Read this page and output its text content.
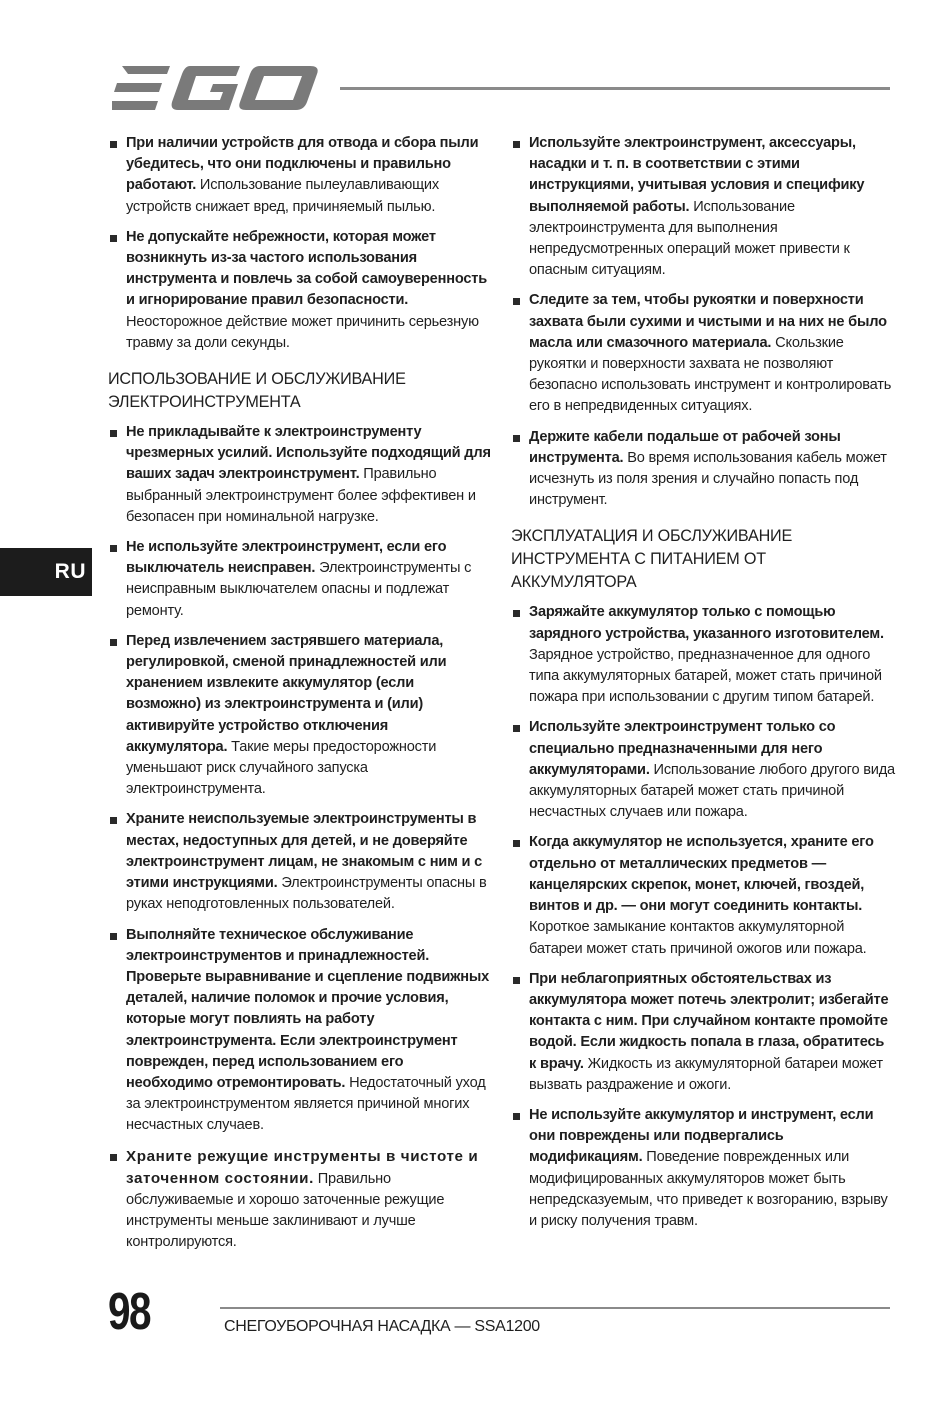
RU
При наличии устройств для отвода и сбора пыли убедитесь, что они подключены и правильно работают. Использование пылеулавливающих устройств снижает вред, причиняемый пылью.
Не допускайте небрежности, которая может возникнуть из-за частого использования инструмента и повлечь за собой самоуверенность и игнорирование правил безопасности. Неосторожное действие может причинить серьезную травму за доли секунды.
ИСПОЛЬЗОВАНИЕ И ОБСЛУЖИВАНИЕ ЭЛЕКТРОИНСТРУМЕНТА
Не прикладывайте к электроинструменту чрезмерных усилий. Используйте подходящий для ваших задач электроинструмент. Правильно выбранный электроинструмент более эффективен и безопасен при номинальной нагрузке.
Не используйте электроинструмент, если его выключатель неисправен. Электроинструменты с неисправным выключателем опасны и подлежат ремонту.
Перед извлечением застрявшего материала, регулировкой, сменой принадлежностей или хранением извлеките аккумулятор (если возможно) из электроинструмента и (или) активируйте устройство отключения аккумулятора. Такие меры предосторожности уменьшают риск случайного запуска электроинструмента.
Храните неиспользуемые электроинструменты в местах, недоступных для детей, и не доверяйте электроинструмент лицам, не знакомым с ним и с этими инструкциями. Электроинструменты опасны в руках неподготовленных пользователей.
Выполняйте техническое обслуживание электроинструментов и принадлежностей. Проверьте выравнивание и сцепление подвижных деталей, наличие поломок и прочие условия, которые могут повлиять на работу электроинструмента. Если электроинструмент поврежден, перед использованием его необходимо отремонтировать. Недостаточный уход за электроинструментом является причиной многих несчастных случаев.
Храните режущие инструменты в чистоте и заточенном состоянии. Правильно обслуживаемые и хорошо заточенные режущие инструменты меньше заклинивают и лучше контролируются.
Используйте электроинструмент, аксессуары, насадки и т. п. в соответствии с этими инструкциями, учитывая условия и специфику выполняемой работы. Использование электроинструмента для выполнения непредусмотренных операций может привести к опасным ситуациям.
Следите за тем, чтобы рукоятки и поверхности захвата были сухими и чистыми и на них не было масла или смазочного материала. Скользкие рукоятки и поверхности захвата не позволяют безопасно использовать инструмент и контролировать его в непредвиденных ситуациях.
Держите кабели подальше от рабочей зоны инструмента. Во время использования кабель может исчезнуть из поля зрения и случайно попасть под инструмент.
ЭКСПЛУАТАЦИЯ И ОБСЛУЖИВАНИЕ ИНСТРУМЕНТА С ПИТАНИЕМ ОТ АККУМУЛЯТОРА
Заряжайте аккумулятор только с помощью зарядного устройства, указанного изготовителем. Зарядное устройство, предназначенное для одного типа аккумуляторных батарей, может стать причиной пожара при использовании с другим типом батарей.
Используйте электроинструмент только со специально предназначенными для него аккумуляторами. Использование любого другого вида аккумуляторных батарей может стать причиной несчастных случаев или пожара.
Когда аккумулятор не используется, храните его отдельно от металлических предметов — канцелярских скрепок, монет, ключей, гвоздей, винтов и др. — они могут соединить контакты. Короткое замыкание контактов аккумуляторной батареи может стать причиной ожогов или пожара.
При неблагоприятных обстоятельствах из аккумулятора может потечь электролит; избегайте контакта с ним. При случайном контакте промойте водой. Если жидкость попала в глаза, обратитесь к врачу. Жидкость из аккумуляторной батареи может вызвать раздражение и ожоги.
Не используйте аккумулятор и инструмент, если они повреждены или подвергались модификациям. Поведение поврежденных или модифицированных аккумуляторов может быть непредсказуемым, что приведет к возгоранию, взрыву и риску получения травм.
98	СНЕГОУБОРОЧНАЯ НАСАДКА — SSA1200
